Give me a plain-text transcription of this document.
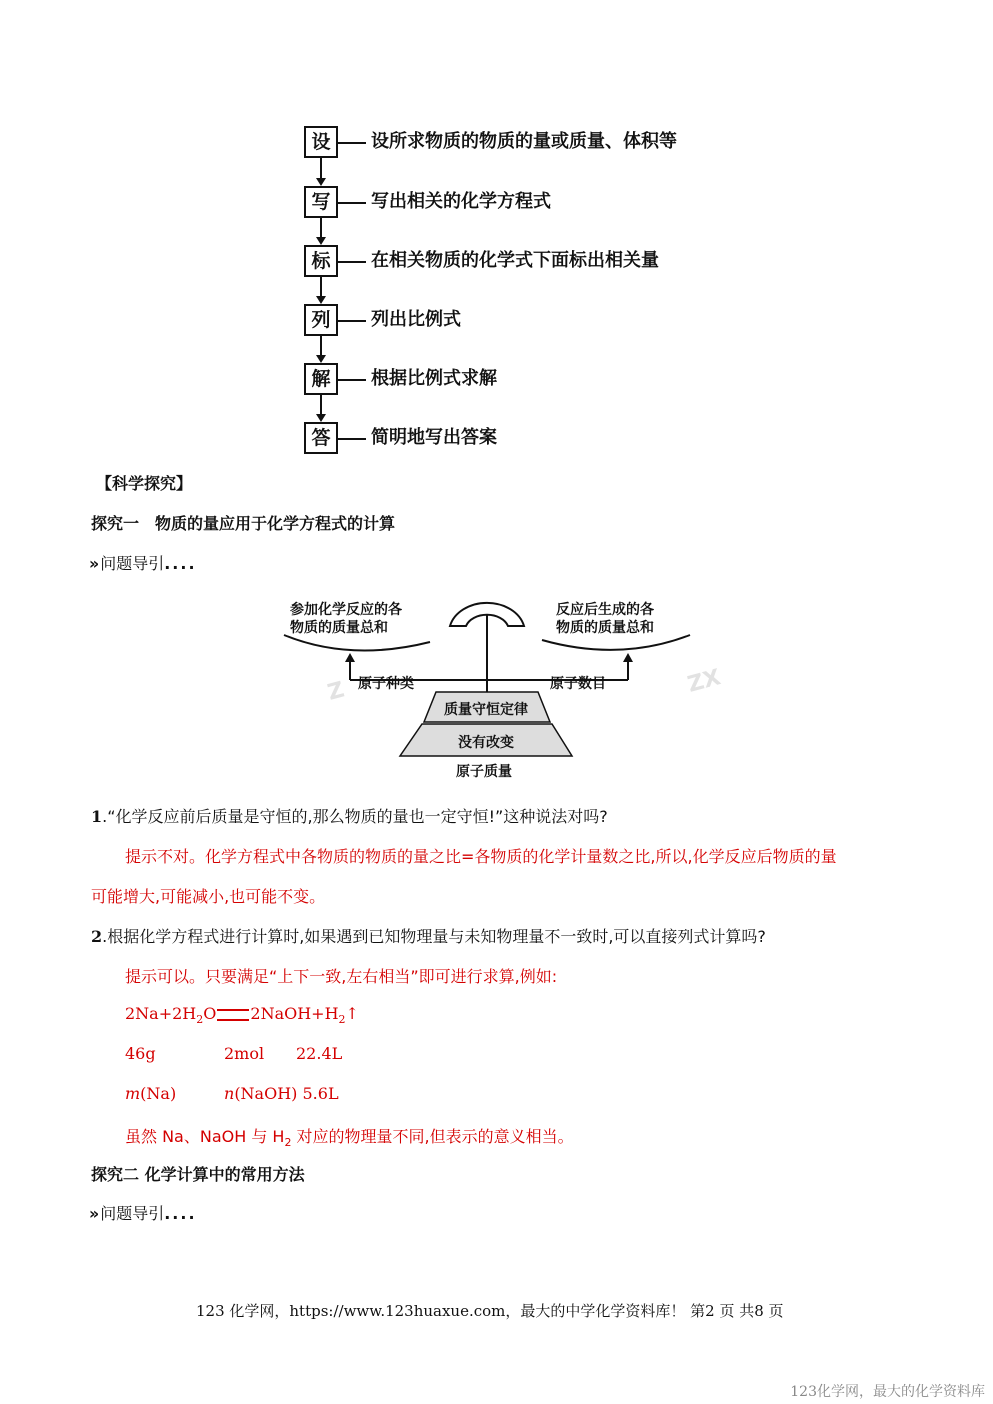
设	设所求物质的物质的量或质量、体积等
写	写出相关的化学方程式
标	在相关物质的化学式下面标出相关量
列	列出比例式
解	根据比例式求解
答	简明地写出答案
【科学探究】
探究一　物质的量应用于化学方程式的计算
›› 问题导引....
Z	ZX
参加化学反应的各
物质的质量总和
反应后生成的各
物质的质量总和
原子种类	原子数目
质量守恒定律
没有改变
原子质量
1.“化学反应前后质量是守恒的,那么物质的量也一定守恒!”这种说法对吗?
提示不对。化学方程式中各物质的物质的量之比=各物质的化学计量数之比,所以,化学反应后物质的量
可能增大,可能减小,也可能不变。
2.根据化学方程式进行计算时,如果遇到已知物理量与未知物理量不一致时,可以直接列式计算吗?
提示可以。只要满足“上下一致,左右相当”即可进行求算,例如:
$2Na+2H_2O$ $2NaOH+H_2↑$
46g	2mol 22.4L
m(Na)	n(NaOH) 5.6L
虽然 Na、NaOH 与 $H_2$ 对应的物理量不同,但表示的意义相当。
探究二 化学计算中的常用方法
›› 问题导引....
123 化学网，https://www.123huaxue.com，最大的中学化学资料库！ 第2 页 共8 页
123化学网，最大的化学资料库
